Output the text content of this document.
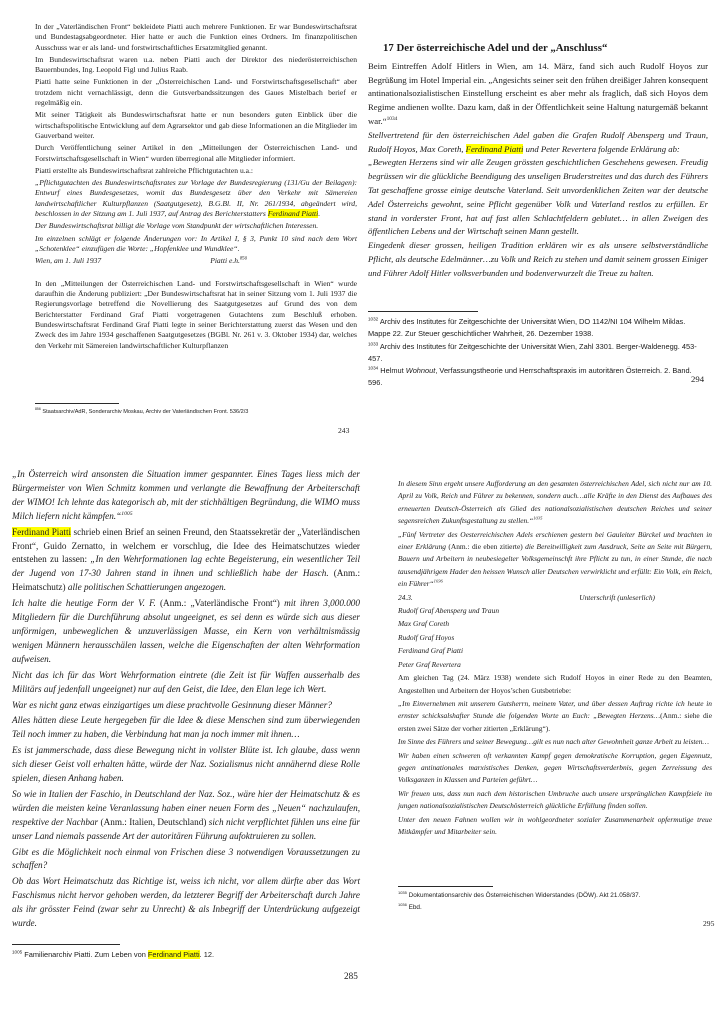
In der „Vaterländischen Front“ bekleidete Piatti auch mehrere Funktionen. Er war Bundeswirtschaftsrat und Bundestagsabgeordneter. Hier hatte er auch die Funktion eines Ordners. Im finanzpolitischen Ausschuss war er als land- und forstwirtschaftliches Ersatzmitglied genannt.

Im Bundeswirtschaftsrat waren u.a. neben Piatti auch der Direktor des niederösterreichischen Bauernbundes, Ing. Leopold Figl und Julius Raab.

Piatti hatte seine Funktionen in der „Österreichischen Land- und Forstwirtschaftsgesellschaft“ aber trotzdem nicht vernachlässigt, denn die Gutsverbandssitzungen des Gaues Mistelbach berief er regelmäßig ein.

Mit seiner Tätigkeit als Bundeswirtschaftsrat hatte er nun besonders guten Einblick über die wirtschaftspolitische Entwicklung auf dem Agrarsektor und gab diese Informationen an die Mitglieder im Gauverband weiter.

Durch Veröffentlichung seiner Artikel in den „Mitteilungen der Österreichischen Land- und Forstwirtschaftsgesellschaft in Wien“ wurden überregional alle Mitglieder informiert.

Piatti erstellte als Bundeswirtschaftsrat zahlreiche Pflichtgutachten u.a.:

„Pflichtgutachten des Bundeswirtschaftsrates zur Vorlage der Bundesregierung (131/Gu der Beilagen): Entwurf eines Bundesgesetzes, womit das Bundesgesetz über den Verkehr mit Sämereien landwirtschaftlicher Kulturpflanzen (Saatgutgesetz), B.G.Bl. II, Nr. 261/1934, abgeändert wird, beschlossen in der Sitzung am 1. Juli 1937, auf Antrag des Berichterstatters Ferdinand Piatti.

Der Bundeswirtschaftsrat billigt die Vorlage vom Standpunkt der wirtschaftlichen Interessen.

Im einzelnen schlägt er folgende Änderungen vor: In Artikel I, § 3, Punkt 10 sind nach dem Wort „Schotenklee“ einzufügen die Worte: „Hopfenklee und Wundklee“.

Wien, am 1. Juli 1937	Piatti e.h.$^{856}$

In den „Mitteilungen der Österreichischen Land- und Forstwirtschaftsgesellschaft in Wien“ wurde daraufhin die Änderung publiziert: „Der Bundeswirtschaftsrat hat in seiner Sitzung vom 1. Juli 1937 die Regierungsvorlage betreffend die Novellierung des Saatgutgesetzes auf Grund des von dem Berichterstatter Ferdinand Graf Piatti vorgetragenen Gutachtens zum Beschluß erhoben. Bundeswirtschaftsrat Ferdinand Graf Piatti legte in seiner Berichterstattung zuerst das Wesen und den Zweck des im Jahre 1934 geschaffenen Saatgutgesetzes (BGBl. Nr. 261 v. 3. Oktober 1934) dar, welches den Verkehr mit Sämereien landwirtschaftlicher Kulturpflanzen

$^{856}$ Staatsarchiv/AdR, Sonderarchiv Moskau, Archiv der Vaterländischen Front. 536/2/3

243

17 Der österreichische Adel und der „Anschluss“

Beim Eintreffen Adolf Hitlers in Wien, am 14. März, fand sich auch Rudolf Hoyos zur Begrüßung im Hotel Imperial ein. „Angesichts seiner seit den frühen dreißiger Jahren konsequent antinationalsozialistischen Einstellung erscheint es aber mehr als fraglich, daß sich Hoyos dem Regime andienen wollte. Dazu kam, daß in der Öffentlichkeit seine Haltung naturgemäß bekannt war.“$^{1034}$

Stellvertretend für den österreichischen Adel gaben die Grafen Rudolf Abensperg und Traun, Rudolf Hoyos, Max Coreth, Ferdinand Piatti und Peter Revertera folgende Erklärung ab:

„Bewegten Herzens sind wir alle Zeugen grössten geschichtlichen Geschehens gewesen. Freudig begrüssen wir die glückliche Beendigung des unseligen Bruderstreites und das durch des Führers Tat geschaffene grosse einige deutsche Vaterland. Seit unvordenklichen Zeiten war der deutsche Adel Österreichs gewohnt, seine Pflicht gegenüber Volk und Vaterland restlos zu erfüllen. Er stand in vorderster Front, hat auf fast allen Schlachtfeldern geblutet… in allen Zweigen des öffentlichen Lebens und der Wirtschaft seinen Mann gestellt.

Eingedenk dieser grossen, heiligen Tradition erklären wir es als unsere selbstverständliche Pflicht, als deutsche Edelmänner…zu Volk und Reich zu stehen und damit seinem grossen Einiger und Führer Adolf Hitler volksverbunden und bodenverwurzelt die Treue zu halten.

$^{1032}$ Archiv des Institutes für Zeitgeschichte der Universität Wien, DO 1142/NI 104 Wilhelm Miklas. Mappe 22. Zur Steuer geschichtlicher Wahrheit, 26. Dezember 1938.

$^{1033}$ Archiv des Institutes für Zeitgeschichte der Universität Wien, Zahl 3301. Berger-Waldenegg. 453-457.

$^{1034}$ Helmut Wohnout, Verfassungstheorie und Herrschaftspraxis im autoritären Österreich. 2. Band. 596.	294

„In Österreich wird ansonsten die Situation immer gespannter. Eines Tages liess mich der Bürgermeister von Wien Schmitz kommen und verlangte die Bewaffnung der Arbeiterschaft der WIMO! Ich lehnte das kategorisch ab, mit der stichhältigen Begründung, die WIMO muss Milch liefern nicht kämpfen.“$^{1005}$

Ferdinand Piatti schrieb einen Brief an seinen Freund, den Staatssekretär der „Vaterländischen Front“, Guido Zernatto, in welchem er vorschlug, die Idee des Heimatschutzes wieder entstehen zu lassen: „In den Wehrformationen lag echte Begeisterung, ein wesentlicher Teil der Jugend von 17-30 Jahren stand in ihnen und schließlich habe der Hasch. (Anm.: Heimatschutz) alle politischen Schattierungen angezogen.

Ich halte die heutige Form der V. F. (Anm.: „Vaterländische Front“) mit ihren 3,000.000 Mitgliedern für die Durchführung absolut ungeeignet, es sei denn es würde sich aus dieser unförmigen, unbeweglichen & unzuverlässigen Masse, ein Kern von verhältnismässig wenigen Männern herausschälen lassen, welche die Eigenschaften der alten Wehrformation aufweisen.

Nicht das ich für das Wort Wehrformation eintrete (die Zeit ist für Waffen ausserhalb des Militärs auf jedenfall ungeeignet) nur auf den Geist, die Idee, den Elan lege ich Wert.

War es nicht ganz etwas einzigartiges um diese prachtvolle Gesinnung dieser Männer?

Alles hätten diese Leute hergegeben für die Idee & diese Menschen sind zum überwiegenden Teil noch immer zu haben, die Verbindung hat man ja noch immer mit ihnen…

Es ist jammerschade, dass diese Bewegung nicht in vollster Blüte ist. Ich glaube, dass wenn sich dieser Geist voll erhalten hätte, würde der Naz. Sozialismus nicht annähernd diese Rolle spielen, diesen Anhang haben.

So wie in Italien der Faschio, in Deutschland der Naz. Soz., wäre hier der Heimatschutz & es würden die meisten keine Veranlassung haben einer neuen Form des „Neuen“ nachzulaufen, respektive der Nachbar (Anm.: Italien, Deutschland) sich nicht verpflichtet fühlen uns eine für unser Land niemals passende Art der autoritären Führung aufoktruieren zu sollen.

Gibt es die Möglichkeit noch einmal von Frischen diese 3 notwendigen Voraussetzungen zu schaffen?

Ob das Wort Heimatschutz das Richtige ist, weiss ich nicht, vor allem dürfte aber das Wort Faschismus nicht hervor gehoben werden, da letzterer Begriff der Arbeiterschaft durch Jahre als ihr grösster Feind (zwar sehr zu Unrecht) & als Inbegriff der Unterdrückung aufgezeigt wurde.

$^{1005}$ Familienarchiv Piatti. Zum Leben von Ferdinand Piatti. 12.

285

In diesem Sinn ergeht unsere Aufforderung an den gesamten österreichischen Adel, sich nicht nur am 10. April zu Volk, Reich und Führer zu bekennen, sondern auch…alle Kräfte in den Dienst des Aufbaues des erneuerten Deutsch-Österreich als Glied des nationalsozialistischen deutschen Reiches und seiner segensreichen Zukunftsgestaltung zu stellen.“$^{1035}$

„Fünf Vertreter des Oesterreichischen Adels erschienen gestern bei Gauleiter Bürckel und brachten in einer Erklärung (Anm.: die eben zitierte) die Bereitwilligkeit zum Ausdruck, Seite an Seite mit Bürgern, Bauern und Arbeitern in neubesiegelter Volksgemeinschft ihre Pflicht zu tun, in einer Stunde, die nach tausendjährigem Hader den heissen Wunsch aller Deutschen verwirklicht und erfüllt: Ein Volk, ein Reich, ein Führer“$^{1036}$

24.3.	Unterschrift (unleserlich)

Rudolf Graf Abensperg und Traun

Max Graf Coreth

Rudolf Graf Hoyos

Ferdinand Graf Piatti

Peter Graf Revertera

Am gleichen Tag (24. März 1938) wendete sich Rudolf Hoyos in einer Rede zu den Beamten, Angestellten und Arbeitern der Hoyos’schen Gutsbetriebe:

„Im Einvernehmen mit unserem Gutsherrn, meinem Vater, und über dessen Auftrag richte ich heute in ernster schicksalshafter Stunde die folgenden Worte an Euch: „Bewegten Herzens…(Anm.: siehe die ersten zwei Sätze der vorher zitierten „Erklärung“).

Im Sinne des Führers und seiner Bewegung…gilt es nun nach alter Gewohnheit ganze Arbeit zu leisten…

Wir haben einen schweren oft verkannten Kampf gegen demokratische Korruption, gegen Eigennutz, gegen antinationales marxistisches Denken, gegen Wirtschaftsverderbnis, gegen Zerreissung des Volksganzen in Klassen und Parteien geführt…

Wir freuen uns, dass nun nach dem historischen Umbruche auch unsere ursprünglichen Kampfziele im jungen nationalsozialistischen Deutschösterreich glückliche Erfüllung finden sollen.

Unter den neuen Fahnen wollen wir in wohlgeordneter sozialer Zusammenarbeit opfermutige treue Mitkämpfer und Mitarbeiter sein.

$^{1035}$ Dokumentationsarchiv des Österreichischen Widerstandes (DÖW). Akt 21.058/37.

$^{1036}$ Ebd.

295
